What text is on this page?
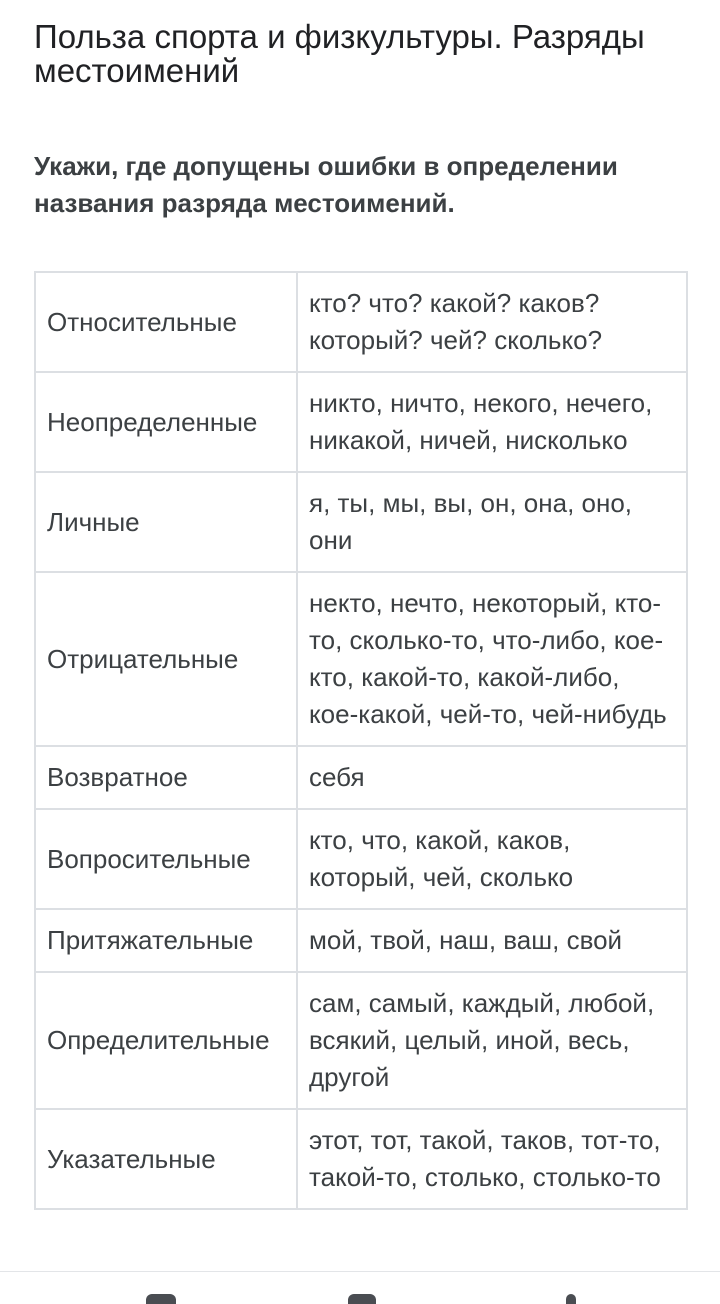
Польза спорта и физкультуры. Разряды местоимений

Укажи, где допущены ошибки в определении названия разряда местоимений.

Относительные	кто? что? какой? каков? который? чей? сколько?
Неопределенные	никто, ничто, некого, нечего, никакой, ничей, нисколько
Личные	я, ты, мы, вы, он, она, оно, они
Отрицательные	некто, нечто, некоторый, кто-то, сколько-то, что-либо, кое-кто, какой-то, какой-либо, кое-какой, чей-то, чей-нибудь
Возвратное	себя
Вопросительные	кто, что, какой, каков, который, чей, сколько
Притяжательные	мой, твой, наш, ваш, свой
Определительные	сам, самый, каждый, любой, всякий, целый, иной, весь, другой
Указательные	этот, тот, такой, таков, тот-то, такой-то, столько, столько-то
